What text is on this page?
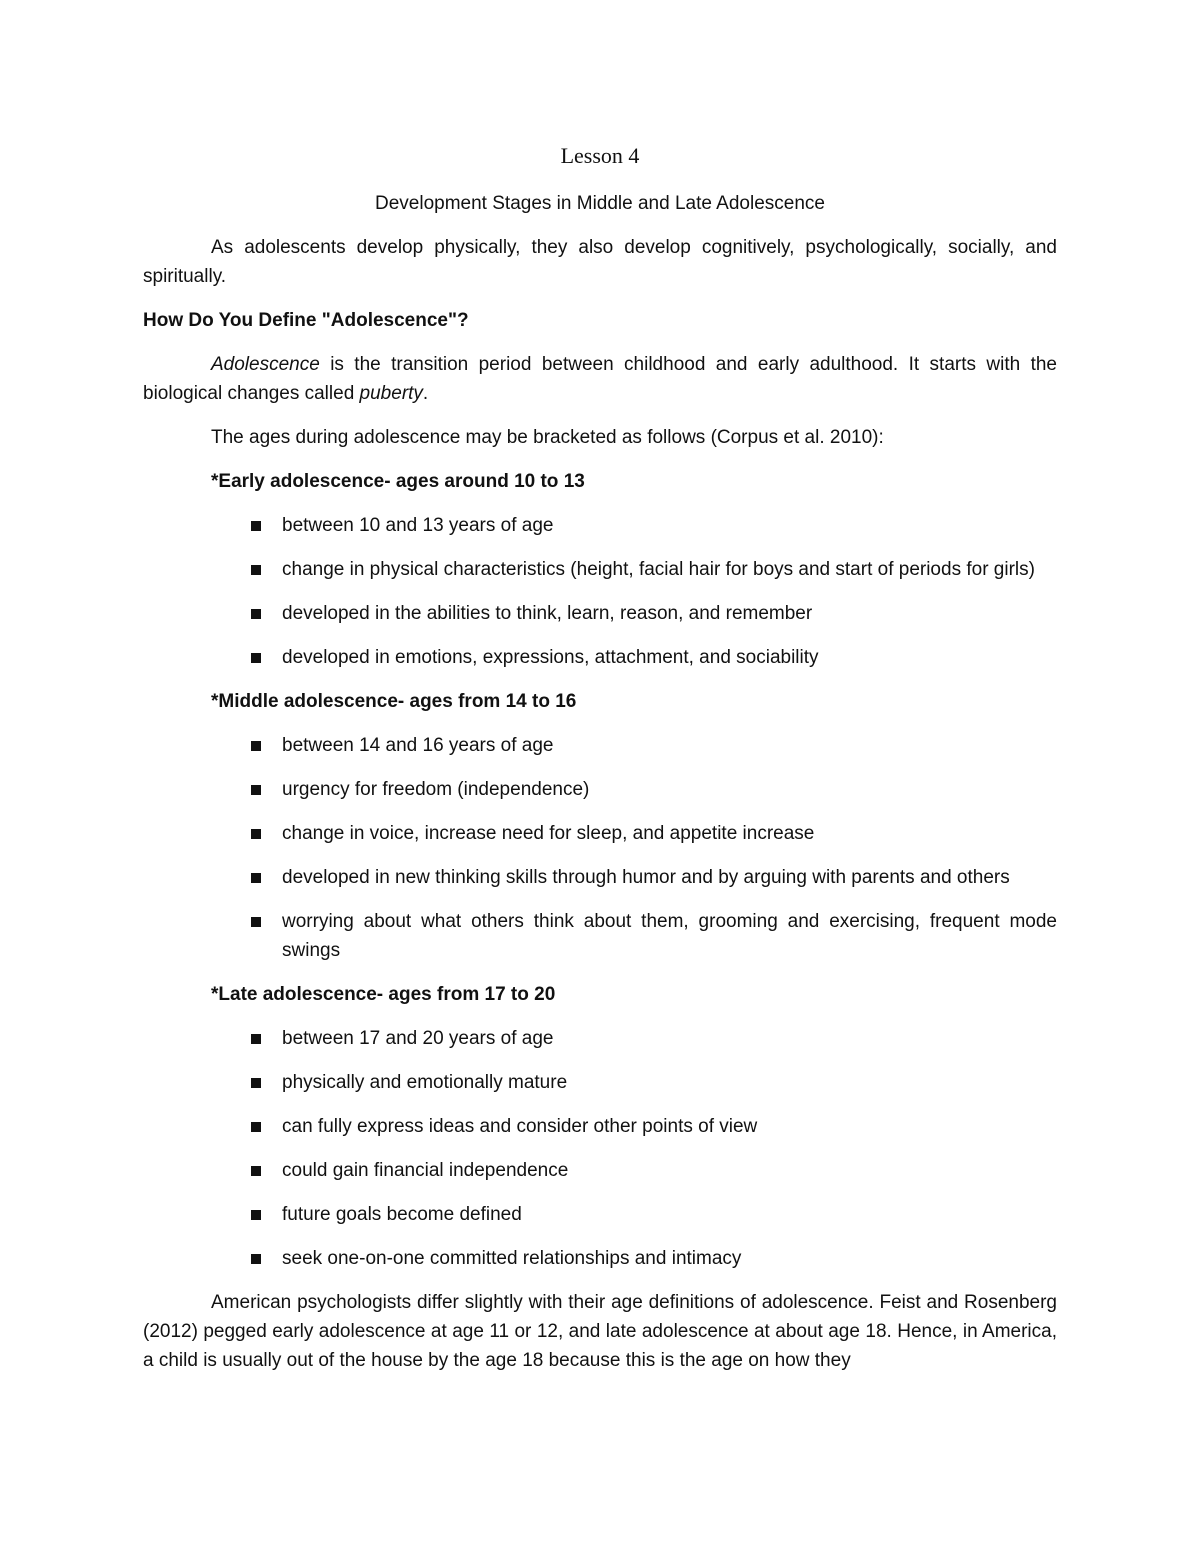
Lesson 4
Development Stages in Middle and Late Adolescence

As adolescents develop physically, they also develop cognitively, psychologically, socially, and spiritually.

How Do You Define "Adolescence"?

Adolescence is the transition period between childhood and early adulthood. It starts with the biological changes called puberty.

The ages during adolescence may be bracketed as follows (Corpus et al. 2010):

*Early adolescence- ages around 10 to 13
between 10 and 13 years of age
change in physical characteristics (height, facial hair for boys and start of periods for girls)
developed in the abilities to think, learn, reason, and remember
developed in emotions, expressions, attachment, and sociability
*Middle adolescence- ages from 14 to 16
between 14 and 16 years of age
urgency for freedom (independence)
change in voice, increase need for sleep, and appetite increase
developed in new thinking skills through humor and by arguing with parents and others
worrying about what others think about them, grooming and exercising, frequent mode swings
*Late adolescence- ages from 17 to 20
between 17 and 20 years of age
physically and emotionally mature
can fully express ideas and consider other points of view
could gain financial independence
future goals become defined
seek one-on-one committed relationships and intimacy

American psychologists differ slightly with their age definitions of adolescence. Feist and Rosenberg (2012) pegged early adolescence at age 11 or 12, and late adolescence at about age 18. Hence, in America, a child is usually out of the house by the age 18 because this is the age on how they
